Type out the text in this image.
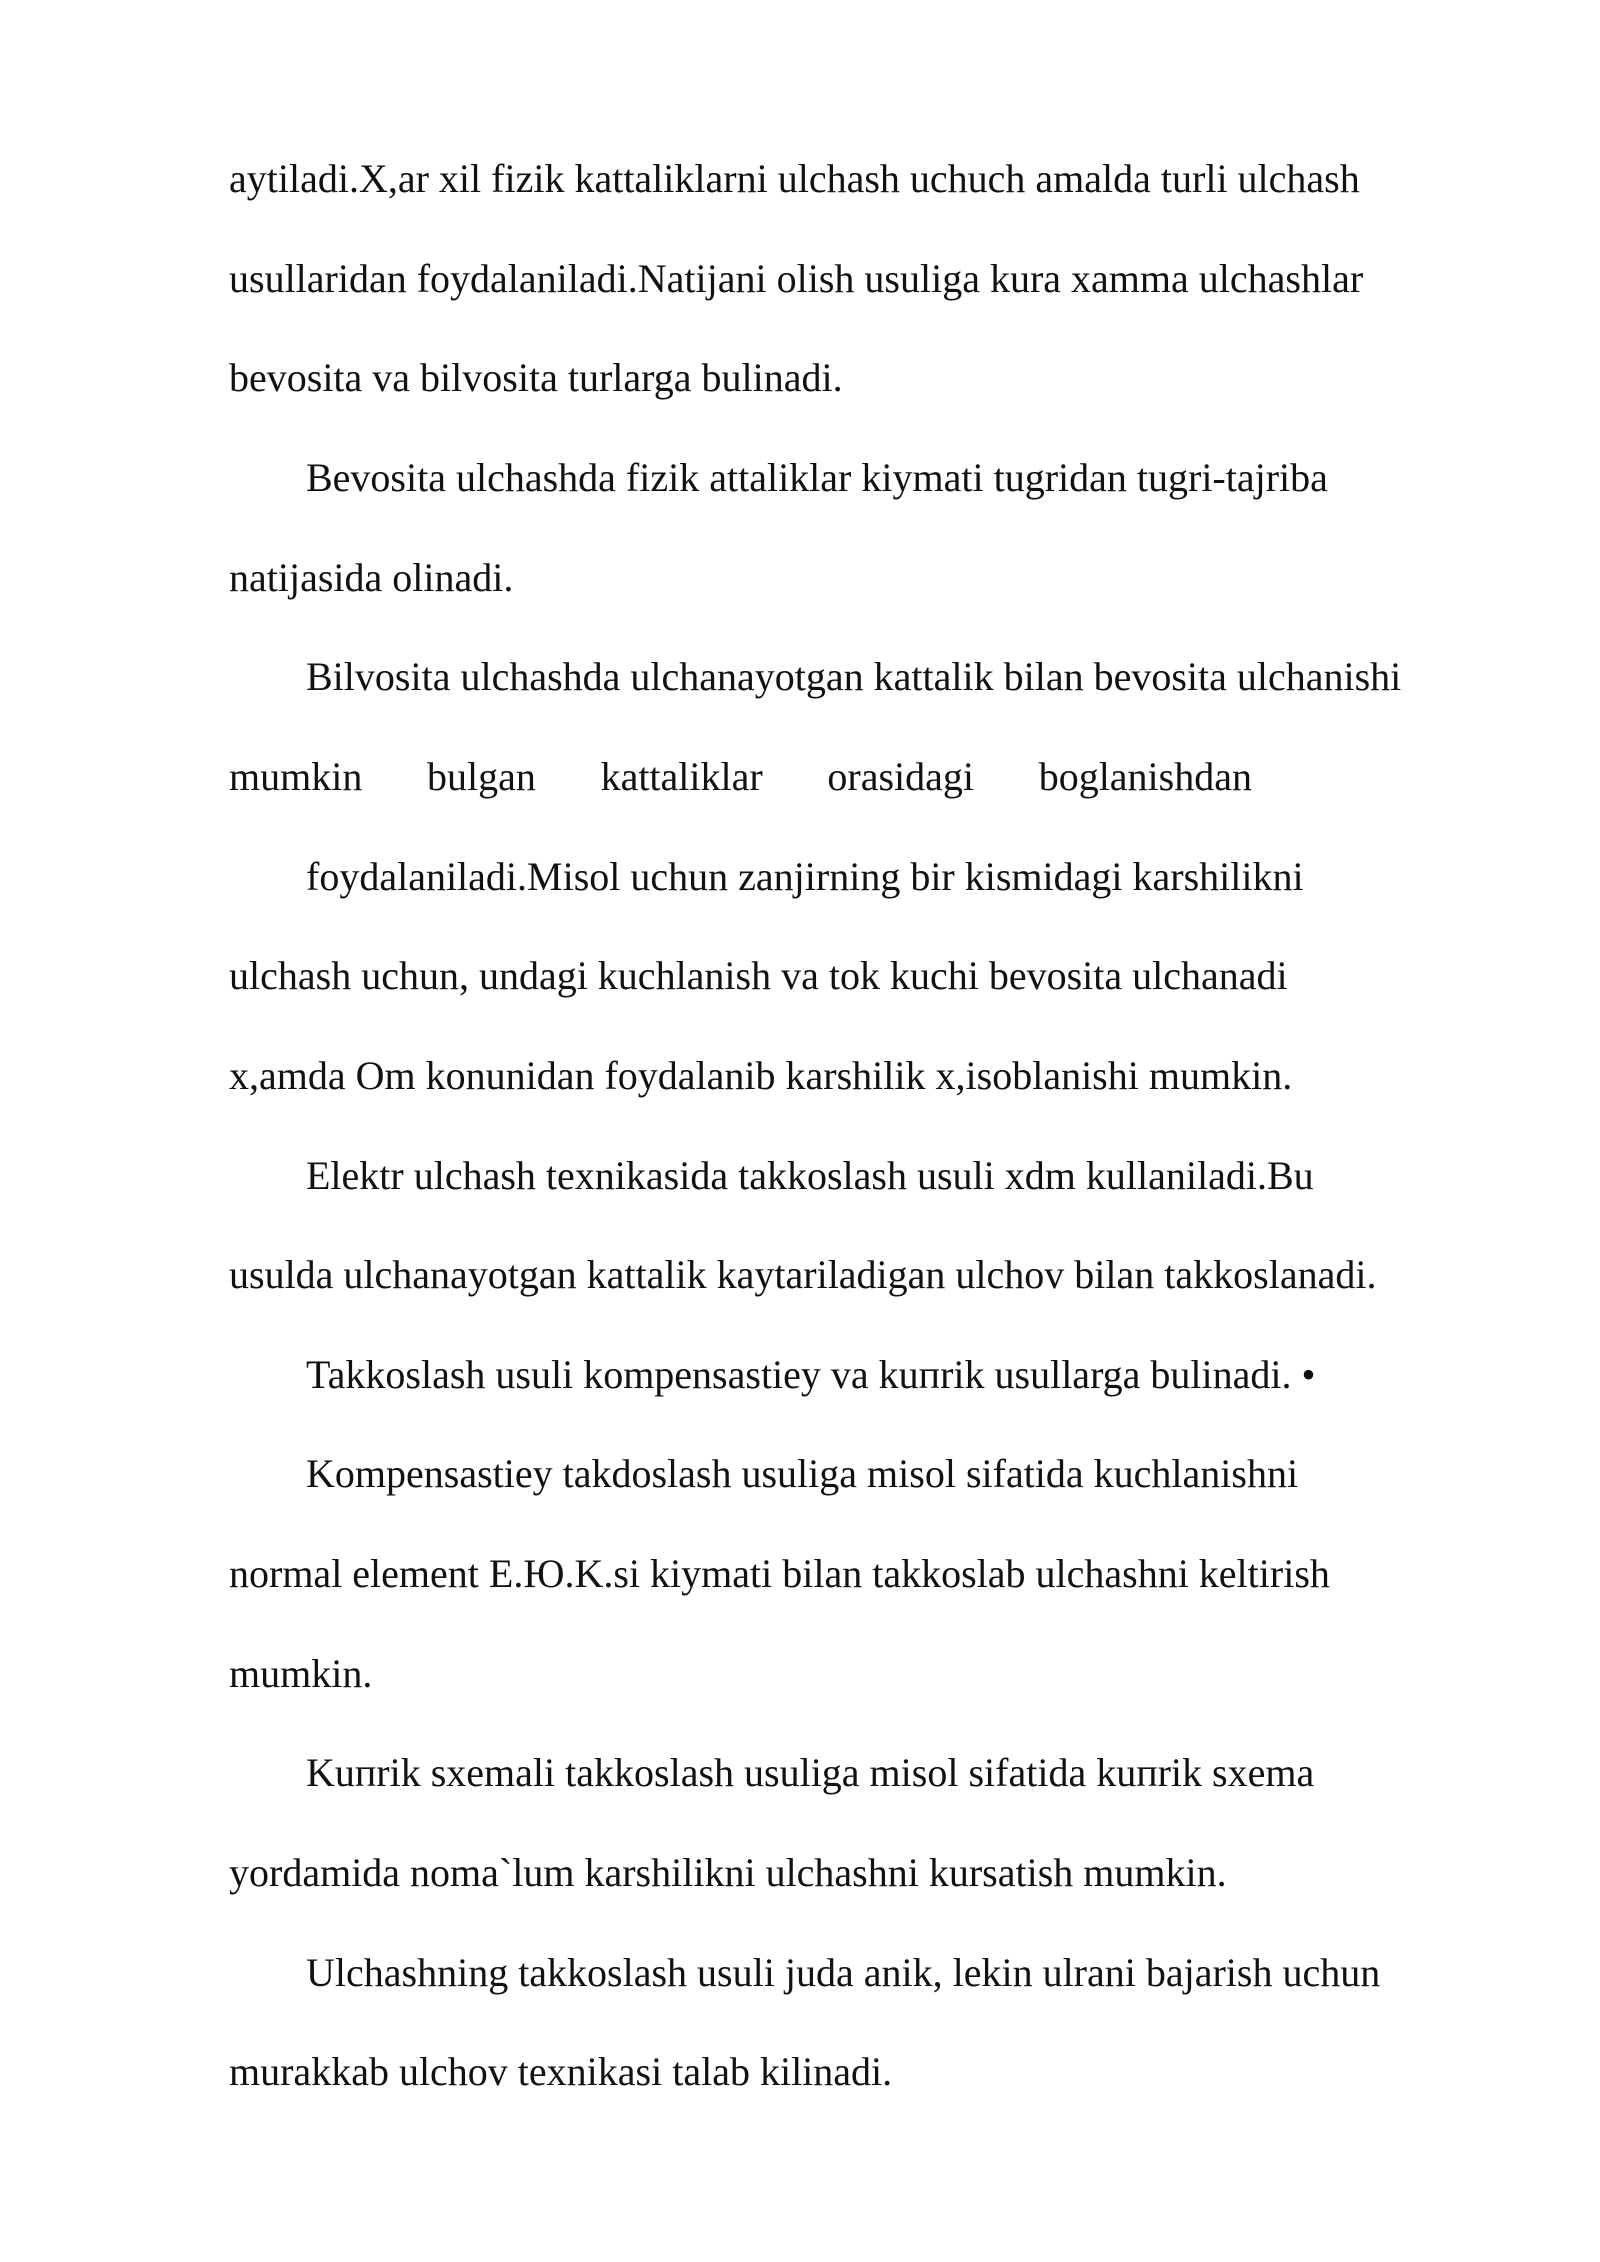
aytiladi.X,ar xil fizik kattaliklarni ulchash uchuch amalda turli ulchash

usullaridan foydalaniladi.Natijani olish usuliga kura xamma ulchashlar

bevosita va bilvosita turlarga bulinadi.

Bevosita ulchashda fizik attaliklar kiymati tugridan tugri-tajriba

natijasida olinadi.

Bilvosita ulchashda ulchanayotgan kattalik bilan bevosita ulchanishi

mumkin bulgan kattaliklar orasidagi boglanishdan

foydalaniladi.Misol uchun zanjirning bir kismidagi karshilikni

ulchash uchun, undagi kuchlanish va tok kuchi bevosita ulchanadi

x,amda Om konunidan foydalanib karshilik x,isoblanishi mumkin.

Elektr ulchash texnikasida takkoslash usuli xdm kullaniladi.Bu

usulda ulchanayotgan kattalik kaytariladigan ulchov bilan takkoslanadi.

Takkoslash usuli kompensastiey va kuпrik usullarga bulinadi. •

Kompensastiey takdoslash usuliga misol sifatida kuchlanishni

normal element E.Ю.K.si kiymati bilan takkoslab ulchashni keltirish

mumkin.

Kuпrik sxemali takkoslash usuliga misol sifatida kuпrik sxema

yordamida noma`lum karshilikni ulchashni kursatish mumkin.

Ulchashning takkoslash usuli juda anik, lekin ulrani bajarish uchun

murakkab ulchov texnikasi talab kilinadi.
